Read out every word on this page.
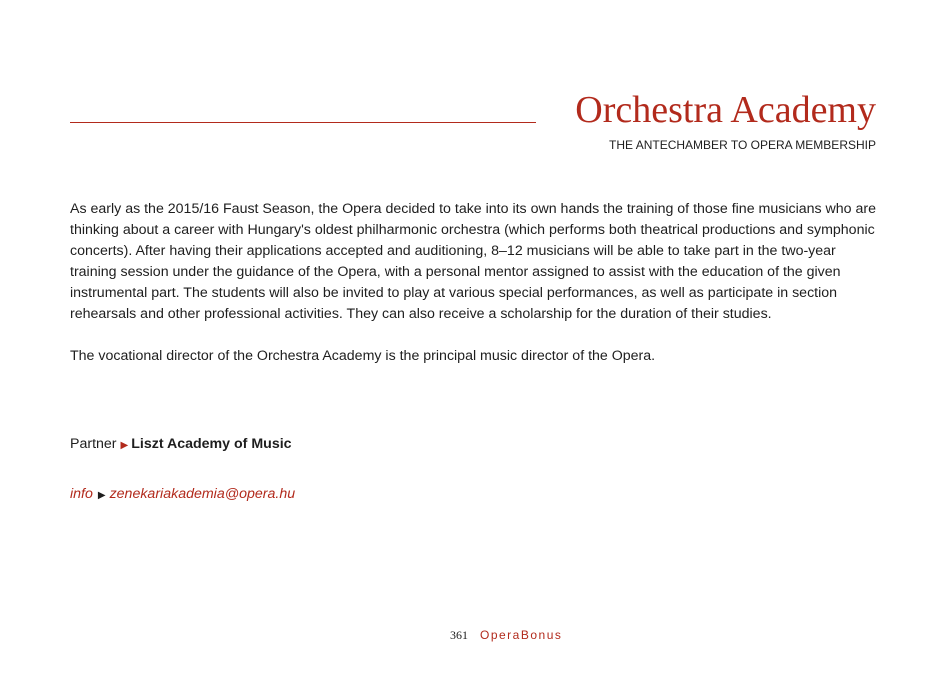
Orchestra Academy
THE ANTECHAMBER TO OPERA MEMBERSHIP

As early as the 2015/16 Faust Season, the Opera decided to take into its own hands the training of those fine musicians who are thinking about a career with Hungary's oldest philharmonic orchestra (which performs both theatrical productions and symphonic concerts). After having their applications accepted and auditioning, 8–12 musicians will be able to take part in the two-year training session under the guidance of the Opera, with a personal mentor assigned to assist with the education of the given instrumental part. The students will also be invited to play at various special performances, as well as participate in section rehearsals and other professional activities. They can also receive a scholarship for the duration of their studies.

The vocational director of the Orchestra Academy is the principal music director of the Opera.

Partner ▶ Liszt Academy of Music
info ▶ zenekariakademia@opera.hu
361 OperaBonus
